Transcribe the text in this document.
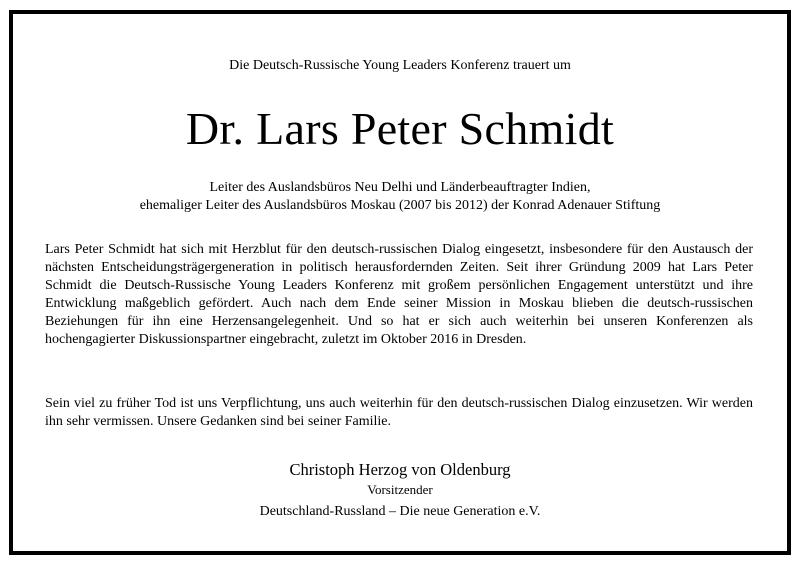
Die Deutsch-Russische Young Leaders Konferenz trauert um
Dr. Lars Peter Schmidt
Leiter des Auslandsbüros Neu Delhi und Länderbeauftragter Indien,
ehemaliger Leiter des Auslandsbüros Moskau (2007 bis 2012) der Konrad Adenauer Stiftung
Lars Peter Schmidt hat sich mit Herzblut für den deutsch-russischen Dialog eingesetzt, insbesondere für den Austausch der nächsten Entscheidungsträgergeneration in politisch herausfordernden Zeiten. Seit ihrer Gründung 2009 hat Lars Peter Schmidt die Deutsch-Russische Young Leaders Konferenz mit großem persönlichen Engagement unterstützt und ihre Entwicklung maßgeblich gefördert. Auch nach dem Ende seiner Mission in Moskau blieben die deutsch-russischen Beziehungen für ihn eine Herzensangelegenheit. Und so hat er sich auch weiterhin bei unseren Konferenzen als hochengagierter Diskussionspartner eingebracht, zuletzt im Oktober 2016 in Dresden.
Sein viel zu früher Tod ist uns Verpflichtung, uns auch weiterhin für den deutsch-russischen Dialog einzusetzen. Wir werden ihn sehr vermissen. Unsere Gedanken sind bei seiner Familie.
Christoph Herzog von Oldenburg
Vorsitzender
Deutschland-Russland – Die neue Generation e.V.
